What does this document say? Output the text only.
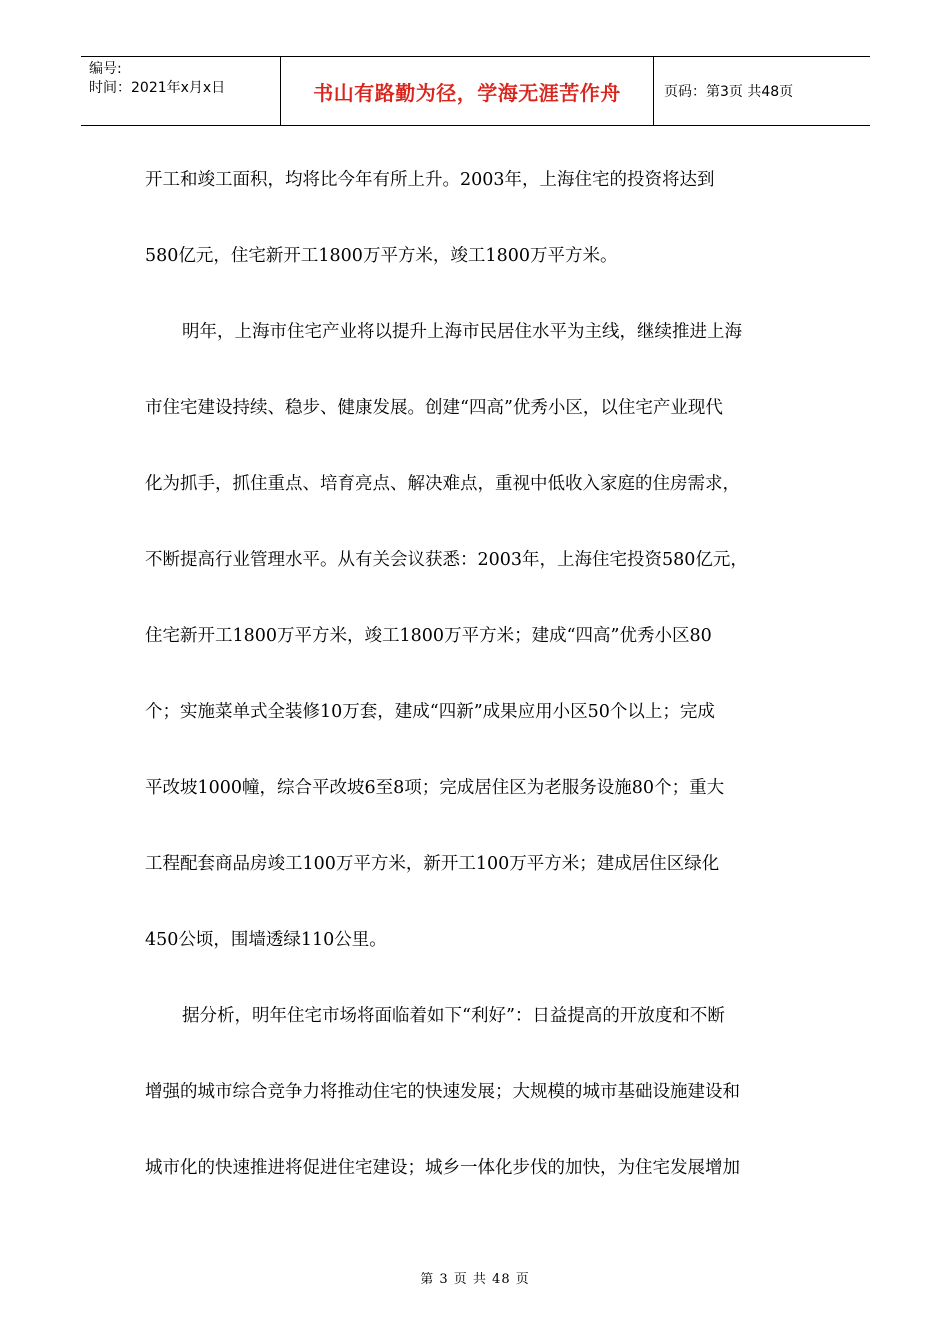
编号:
时间：2021年x月x日	书山有路勤为径，学海无涯苦作舟	页码：第3页 共48页
开工和竣工面积，均将比今年有所上升。2003年，上海住宅的投资将达到
580亿元，住宅新开工1800万平方米，竣工1800万平方米。
明年，上海市住宅产业将以提升上海市民居住水平为主线，继续推进上海
市住宅建设持续、稳步、健康发展。创建“四高”优秀小区，以住宅产业现代
化为抓手，抓住重点、培育亮点、解决难点，重视中低收入家庭的住房需求，
不断提高行业管理水平。从有关会议获悉：2003年，上海住宅投资580亿元，
住宅新开工1800万平方米，竣工1800万平方米；建成“四高”优秀小区80
个；实施菜单式全装修10万套，建成“四新”成果应用小区50个以上；完成
平改坡1000幢，综合平改坡6至8项；完成居住区为老服务设施80个；重大
工程配套商品房竣工100万平方米，新开工100万平方米；建成居住区绿化
450公顷，围墙透绿110公里。
据分析，明年住宅市场将面临着如下“利好”：日益提高的开放度和不断
增强的城市综合竞争力将推动住宅的快速发展；大规模的城市基础设施建设和
城市化的快速推进将促进住宅建设；城乡一体化步伐的加快，为住宅发展增加
第 3 页 共 48 页
